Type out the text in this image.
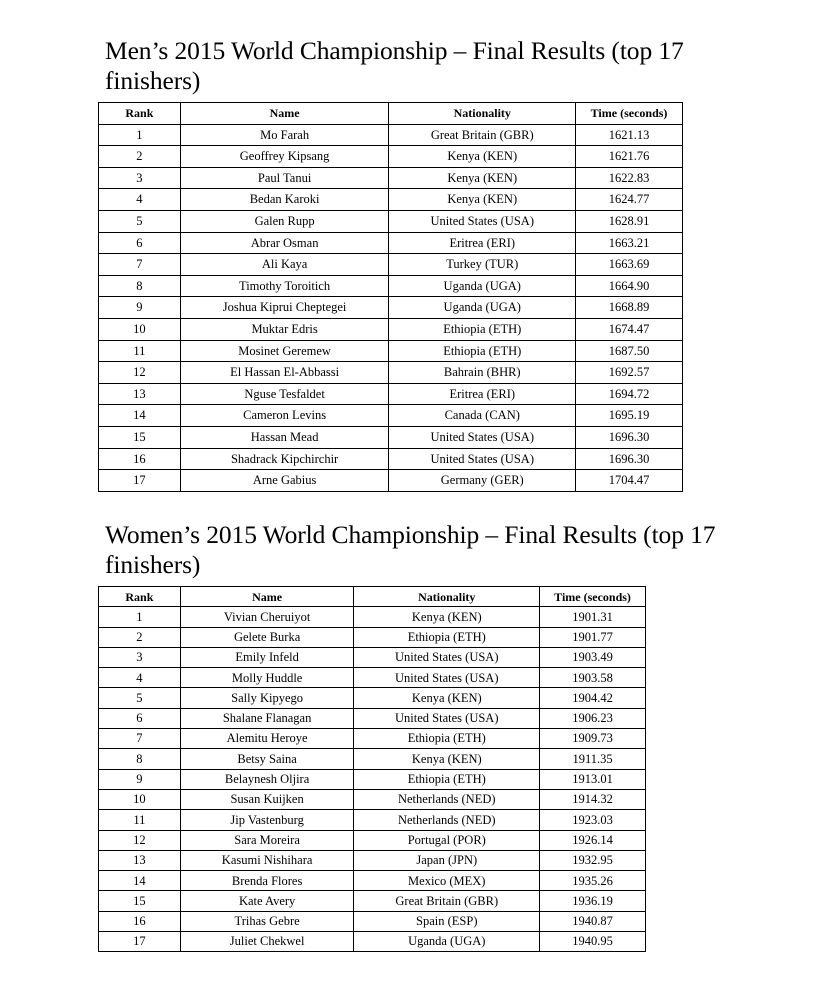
Men’s 2015 World Championship – Final Results (top 17 finishers)
Rank	Name	Nationality	Time (seconds)
1	Mo Farah	Great Britain (GBR)	1621.13
2	Geoffrey Kipsang	Kenya (KEN)	1621.76
3	Paul Tanui	Kenya (KEN)	1622.83
4	Bedan Karoki	Kenya (KEN)	1624.77
5	Galen Rupp	United States (USA)	1628.91
6	Abrar Osman	Eritrea (ERI)	1663.21
7	Ali Kaya	Turkey (TUR)	1663.69
8	Timothy Toroitich	Uganda (UGA)	1664.90
9	Joshua Kiprui Cheptegei	Uganda (UGA)	1668.89
10	Muktar Edris	Ethiopia (ETH)	1674.47
11	Mosinet Geremew	Ethiopia (ETH)	1687.50
12	El Hassan El-Abbassi	Bahrain (BHR)	1692.57
13	Nguse Tesfaldet	Eritrea (ERI)	1694.72
14	Cameron Levins	Canada (CAN)	1695.19
15	Hassan Mead	United States (USA)	1696.30
16	Shadrack Kipchirchir	United States (USA)	1696.30
17	Arne Gabius	Germany (GER)	1704.47
Women’s 2015 World Championship – Final Results (top 17 finishers)
Rank	Name	Nationality	Time (seconds)
1	Vivian Cheruiyot	Kenya (KEN)	1901.31
2	Gelete Burka	Ethiopia (ETH)	1901.77
3	Emily Infeld	United States (USA)	1903.49
4	Molly Huddle	United States (USA)	1903.58
5	Sally Kipyego	Kenya (KEN)	1904.42
6	Shalane Flanagan	United States (USA)	1906.23
7	Alemitu Heroye	Ethiopia (ETH)	1909.73
8	Betsy Saina	Kenya (KEN)	1911.35
9	Belaynesh Oljira	Ethiopia (ETH)	1913.01
10	Susan Kuijken	Netherlands (NED)	1914.32
11	Jip Vastenburg	Netherlands (NED)	1923.03
12	Sara Moreira	Portugal (POR)	1926.14
13	Kasumi Nishihara	Japan (JPN)	1932.95
14	Brenda Flores	Mexico (MEX)	1935.26
15	Kate Avery	Great Britain (GBR)	1936.19
16	Trihas Gebre	Spain (ESP)	1940.87
17	Juliet Chekwel	Uganda (UGA)	1940.95
